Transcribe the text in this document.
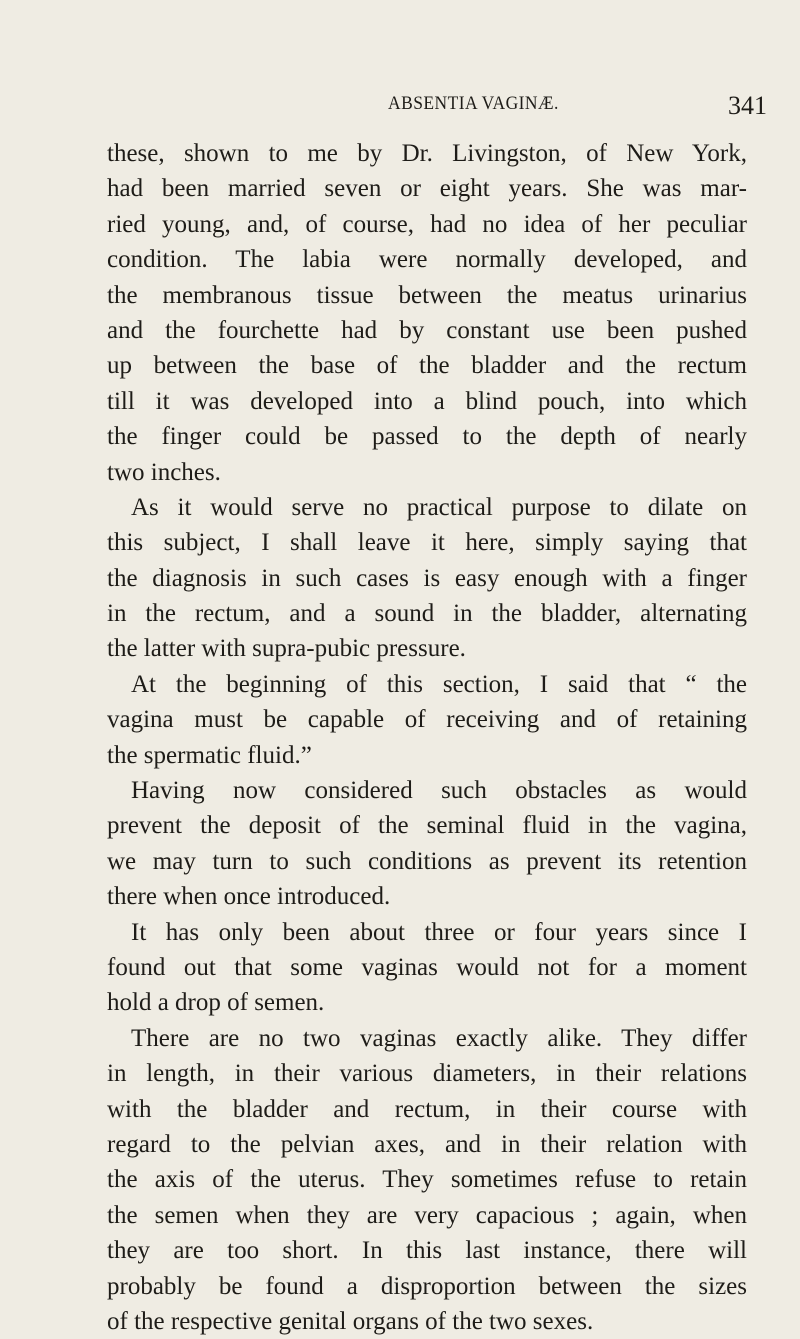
ABSENTIA VAGINÆ.	341
these, shown to me by Dr. Livingston, of New York,
had been married seven or eight years. She was mar-
ried young, and, of course, had no idea of her peculiar
condition. The labia were normally developed, and
the membranous tissue between the meatus urinarius
and the fourchette had by constant use been pushed
up between the base of the bladder and the rectum
till it was developed into a blind pouch, into which
the finger could be passed to the depth of nearly
two inches.
As it would serve no practical purpose to dilate on
this subject, I shall leave it here, simply saying that
the diagnosis in such cases is easy enough with a finger
in the rectum, and a sound in the bladder, alternating
the latter with supra-pubic pressure.
At the beginning of this section, I said that “ the
vagina must be capable of receiving and of retaining
the spermatic fluid.”
Having now considered such obstacles as would
prevent the deposit of the seminal fluid in the vagina,
we may turn to such conditions as prevent its retention
there when once introduced.
It has only been about three or four years since I
found out that some vaginas would not for a moment
hold a drop of semen.
There are no two vaginas exactly alike. They differ
in length, in their various diameters, in their relations
with the bladder and rectum, in their course with
regard to the pelvian axes, and in their relation with
the axis of the uterus. They sometimes refuse to retain
the semen when they are very capacious ; again, when
they are too short. In this last instance, there will
probably be found a disproportion between the sizes
of the respective genital organs of the two sexes.
